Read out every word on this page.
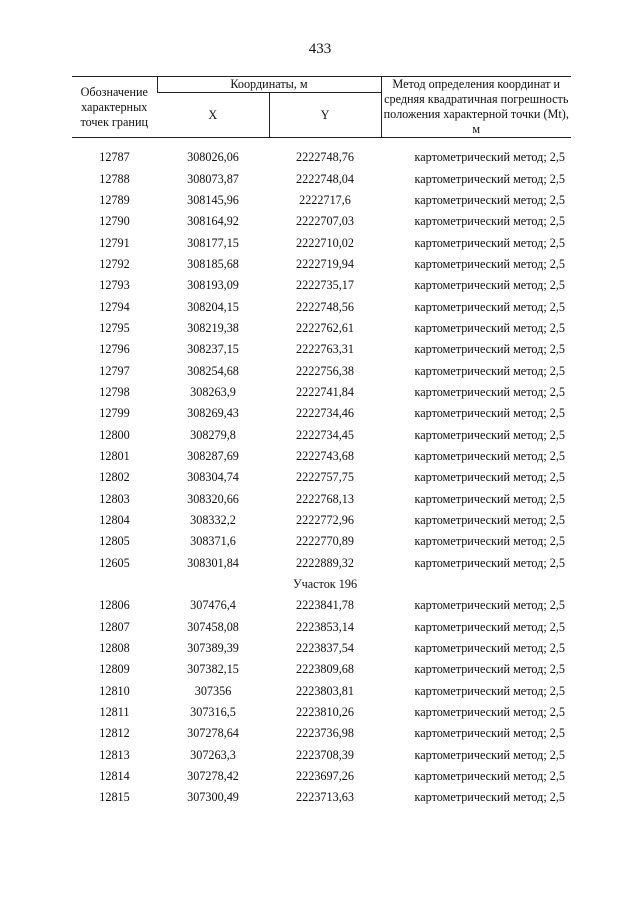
433
Обозначение характерных точек границ	Координаты, м		Метод определения координат и средняя квадратичная погрешность положения характерной точки (Mt), м
	X	Y	

12787	308026,06	2222748,76	картометрический метод; 2,5
12788	308073,87	2222748,04	картометрический метод; 2,5
12789	308145,96	2222717,6	картометрический метод; 2,5
12790	308164,92	2222707,03	картометрический метод; 2,5
12791	308177,15	2222710,02	картометрический метод; 2,5
12792	308185,68	2222719,94	картометрический метод; 2,5
12793	308193,09	2222735,17	картометрический метод; 2,5
12794	308204,15	2222748,56	картометрический метод; 2,5
12795	308219,38	2222762,61	картометрический метод; 2,5
12796	308237,15	2222763,31	картометрический метод; 2,5
12797	308254,68	2222756,38	картометрический метод; 2,5
12798	308263,9	2222741,84	картометрический метод; 2,5
12799	308269,43	2222734,46	картометрический метод; 2,5
12800	308279,8	2222734,45	картометрический метод; 2,5
12801	308287,69	2222743,68	картометрический метод; 2,5
12802	308304,74	2222757,75	картометрический метод; 2,5
12803	308320,66	2222768,13	картометрический метод; 2,5
12804	308332,2	2222772,96	картометрический метод; 2,5
12805	308371,6	2222770,89	картометрический метод; 2,5
12605	308301,84	2222889,32	картометрический метод; 2,5
		Участок 196	
12806	307476,4	2223841,78	картометрический метод; 2,5
12807	307458,08	2223853,14	картометрический метод; 2,5
12808	307389,39	2223837,54	картометрический метод; 2,5
12809	307382,15	2223809,68	картометрический метод; 2,5
12810	307356	2223803,81	картометрический метод; 2,5
12811	307316,5	2223810,26	картометрический метод; 2,5
12812	307278,64	2223736,98	картометрический метод; 2,5
12813	307263,3	2223708,39	картометрический метод; 2,5
12814	307278,42	2223697,26	картометрический метод; 2,5
12815	307300,49	2223713,63	картометрический метод; 2,5
